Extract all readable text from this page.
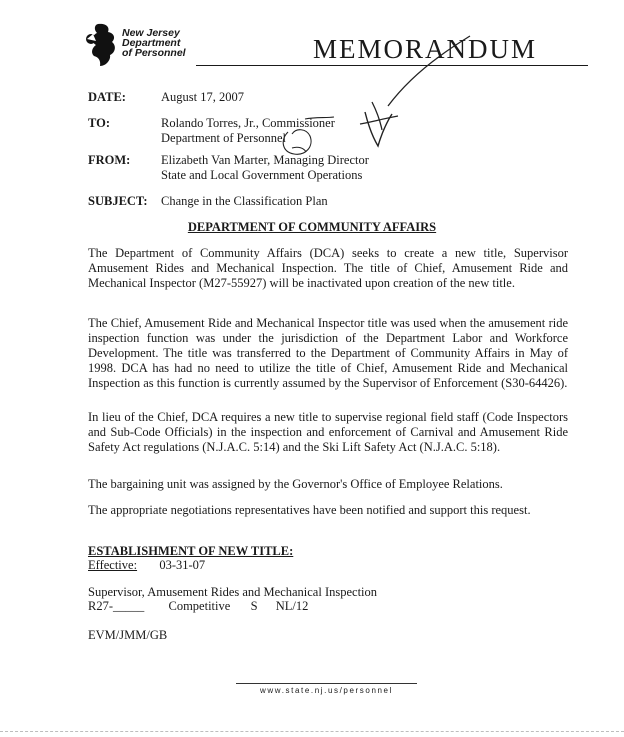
New Jersey
Department
of Personnel	MEMORANDUM
DATE:	August 17, 2007
TO:	Rolando Torres, Jr., Commissioner
Department of Personnel
FROM: Elizabeth Van Marter, Managing Director
State and Local Government Operations
SUBJECT: Change in the Classification Plan
DEPARTMENT OF COMMUNITY AFFAIRS
The Department of Community Affairs (DCA) seeks to create a new title, Supervisor Amusement Rides and Mechanical Inspection. The title of Chief, Amusement Ride and Mechanical Inspector (M27-55927) will be inactivated upon creation of the new title.
The Chief, Amusement Ride and Mechanical Inspector title was used when the amusement ride inspection function was under the jurisdiction of the Department Labor and Workforce Development. The title was transferred to the Department of Community Affairs in May of 1998. DCA has had no need to utilize the title of Chief, Amusement Ride and Mechanical Inspection as this function is currently assumed by the Supervisor of Enforcement (S30-64426).
In lieu of the Chief, DCA requires a new title to supervise regional field staff (Code Inspectors and Sub-Code Officials) in the inspection and enforcement of Carnival and Amusement Ride Safety Act regulations (N.J.A.C. 5:14) and the Ski Lift Safety Act (N.J.A.C. 5:18).
The bargaining unit was assigned by the Governor's Office of Employee Relations.
The appropriate negotiations representatives have been notified and support this request.
ESTABLISHMENT OF NEW TITLE:
Effective: 03-31-07
Supervisor, Amusement Rides and Mechanical Inspection
R27-_____ Competitive S NL/12
EVM/JMM/GB
www.state.nj.us/personnel
